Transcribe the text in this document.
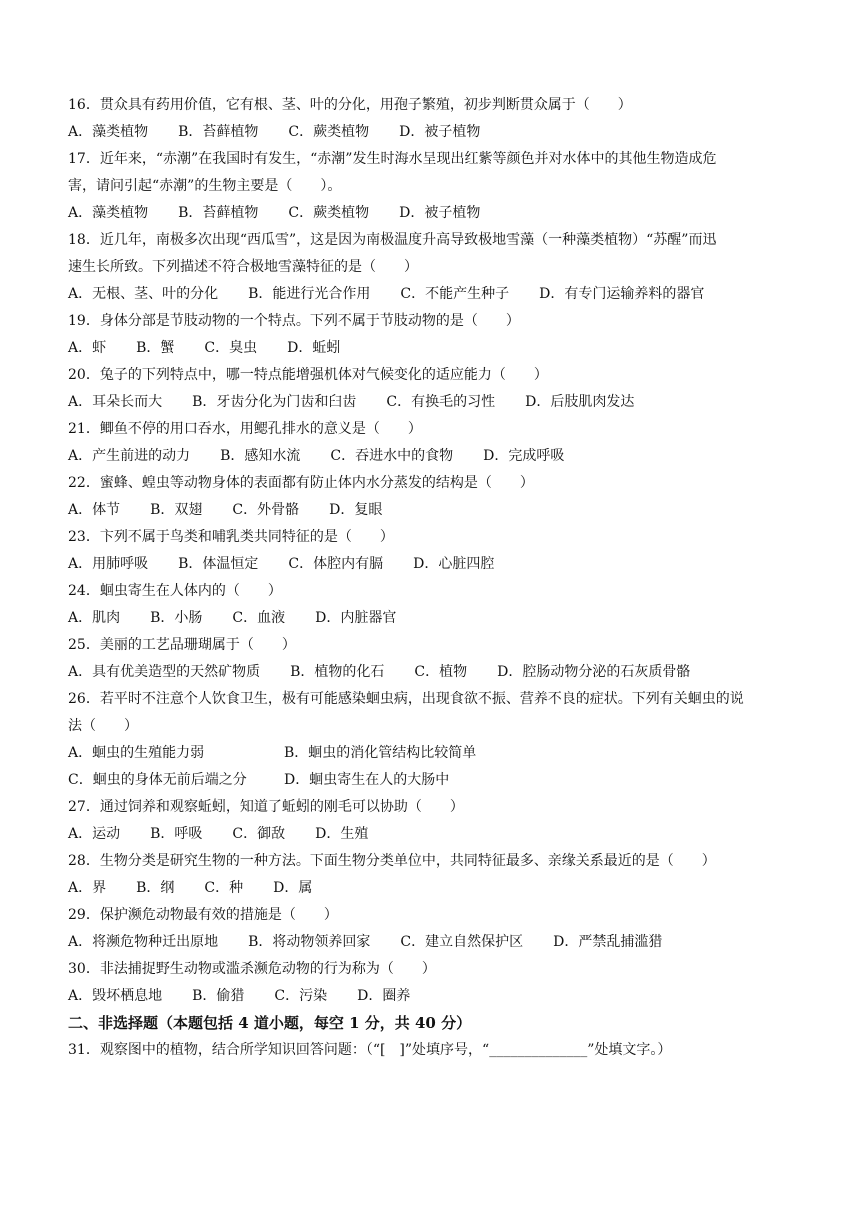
16．贯众具有药用价值，它有根、茎、叶的分化，用孢子繁殖，初步判断贯众属于（　　）
A．藻类植物 B．苔藓植物 C．蕨类植物 D．被子植物
17．近年来，“赤潮”在我国时有发生，“赤潮”发生时海水呈现出红紫等颜色并对水体中的其他生物造成危
害，请问引起“赤潮”的生物主要是（　　）。
A．藻类植物 B．苔藓植物 C．蕨类植物 D．被子植物
18．近几年，南极多次出现“西瓜雪”，这是因为南极温度升高导致极地雪藻（一种藻类植物）“苏醒”而迅
速生长所致。下列描述不符合极地雪藻特征的是（　　）
A．无根、茎、叶的分化 B．能进行光合作用 C．不能产生种子 D．有专门运输养料的器官
19．身体分部是节肢动物的一个特点。下列不属于节肢动物的是（　　）
A．虾 B．蟹 C．臭虫 D．蚯蚓
20．兔子的下列特点中，哪一特点能增强机体对气候变化的适应能力（　　）
A．耳朵长而大 B．牙齿分化为门齿和臼齿 C．有换毛的习性 D．后肢肌肉发达
21．鲫鱼不停的用口吞水，用鳃孔排水的意义是（　　）
A．产生前进的动力 B．感知水流 C．吞进水中的食物 D．完成呼吸
22．蜜蜂、蝗虫等动物身体的表面都有防止体内水分蒸发的结构是（　　）
A．体节 B．双翅 C．外骨骼 D．复眼
23．卞列不属于鸟类和哺乳类共同特征的是（　　）
A．用肺呼吸 B．体温恒定 C．体腔内有膈 D．心脏四腔
24．蛔虫寄生在人体内的（　　）
A．肌肉 B．小肠 C．血液 D．内脏器官
25．美丽的工艺品珊瑚属于（　　）
A．具有优美造型的天然矿物质 B．植物的化石 C．植物 D．腔肠动物分泌的石灰质骨骼
26．若平时不注意个人饮食卫生，极有可能感染蛔虫病，出现食欲不振、营养不良的症状。下列有关蛔虫的说
法（　　）
A．蛔虫的生殖能力弱	B．蛔虫的消化管结构比较简单
C．蛔虫的身体无前后端之分	D．蛔虫寄生在人的大肠中
27．通过饲养和观察蚯蚓，知道了蚯蚓的刚毛可以协助（　　）
A．运动 B．呼吸 C．御敌 D．生殖
28．生物分类是研究生物的一种方法。下面生物分类单位中，共同特征最多、亲缘关系最近的是（　　）
A．界 B．纲 C．种 D．属
29．保护濒危动物最有效的措施是（　　）
A．将濒危物种迁出原地 B．将动物领养回家 C．建立自然保护区 D．严禁乱捕滥猎
30．非法捕捉野生动物或滥杀濒危动物的行为称为（　　）
A．毁坏栖息地 B．偷猎 C．污染 D．圈养
二、非选择题（本题包括 4 道小题，每空 1 分，共 40 分）
31．观察图中的植物，结合所学知识回答问题：（“[　]”处填序号，“______________”处填文字。）
